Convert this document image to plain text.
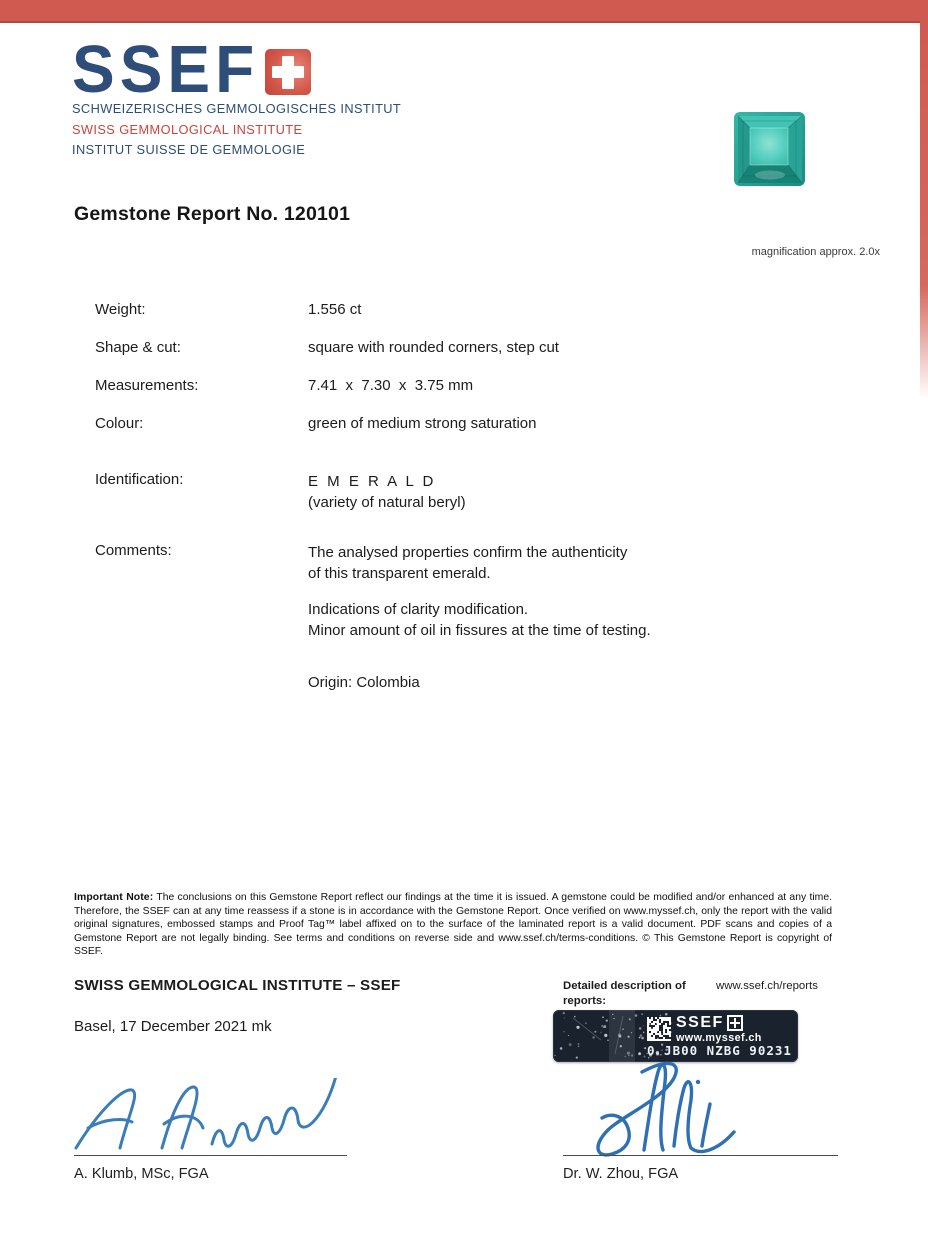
SSEF
SCHWEIZERISCHES GEMMOLOGISCHES INSTITUT
SWISS GEMMOLOGICAL INSTITUTE
INSTITUT SUISSE DE GEMMOLOGIE
magnification approx. 2.0x
Gemstone Report No. 120101
Weight:	1.556 ct
Shape & cut:	square with rounded corners, step cut
Measurements:	7.41  x  7.30  x  3.75 mm
Colour:	green of medium strong saturation
Identification:	E M E R A L D
(variety of natural beryl)
Comments:	The analysed properties confirm the authenticity
of this transparent emerald.
Indications of clarity modification.
Minor amount of oil in fissures at the time of testing.
Origin: Colombia
Important Note: The conclusions on this Gemstone Report reflect our findings at the time it is issued. A gemstone could be modified and/or enhanced at any time. Therefore, the SSEF can at any time reassess if a stone is in accordance with the Gemstone Report. Once verified on www.myssef.ch, only the report with the valid original signatures, embossed stamps and Proof Tag™ label affixed on to the surface of the laminated report is a valid document. PDF scans and copies of a Gemstone Report are not legally binding. See terms and conditions on reverse side and www.ssef.ch/terms-conditions. © This Gemstone Report is copyright of SSEF.
SWISS GEMMOLOGICAL INSTITUTE – SSEF
Basel, 17 December 2021 mk
Detailed description of reports:
www.ssef.ch/reports
SSEF
www.myssef.ch
0 JB00 NZBG 90231
A. Klumb, MSc, FGA	Dr. W. Zhou, FGA
